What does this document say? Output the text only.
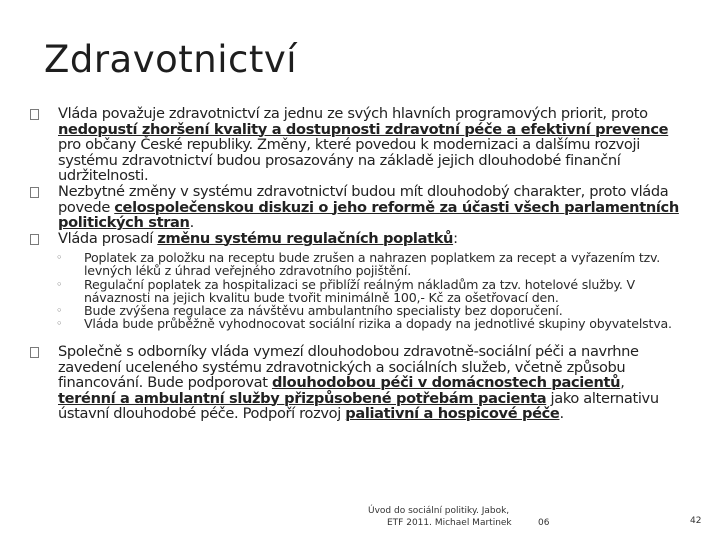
Zdravotnictví
Vláda považuje zdravotnictví za jednu ze svých hlavních programových priorit, proto nedopustí zhoršení kvality a dostupnosti zdravotní péče a efektivní prevence pro občany České republiky. Změny, které povedou k modernizaci a dalšímu rozvoji systému zdravotnictví budou prosazovány na základě jejich dlouhodobé finanční udržitelnosti.
Nezbytné změny v systému zdravotnictví budou mít dlouhodobý charakter, proto vláda povede celospolečenskou diskuzi o jeho reformě za účasti všech parlamentních politických stran.
Vláda prosadí změnu systému regulačních poplatků:
◦ Poplatek za položku na receptu bude zrušen a nahrazen poplatkem za recept a vyřazením tzv. levných léků z úhrad veřejného zdravotního pojištění.
◦ Regulační poplatek za hospitalizaci se přiblíží reálným nákladům za tzv. hotelové služby. V návaznosti na jejich kvalitu bude tvořit minimálně 100,- Kč za ošetřovací den.
◦ Bude zvýšena regulace za návštěvu ambulantního specialisty bez doporučení.
◦ Vláda bude průběžně vyhodnocovat sociální rizika a dopady na jednotlivé skupiny obyvatelstva.
Společně s odborníky vláda vymezí dlouhodobou zdravotně-sociální péči a navrhne zavedení uceleného systému zdravotnických a sociálních služeb, včetně způsobu financování. Bude podporovat dlouhodobou péči v domácnostech pacientů, terénní a ambulantní služby přizpůsobené potřebám pacienta jako alternativu ústavní dlouhodobé péče. Podpoří rozvoj paliativní a hospicové péče.
Úvod do sociální politiky. Jabok,
ETF 2011. Michael Martinek	06	42
